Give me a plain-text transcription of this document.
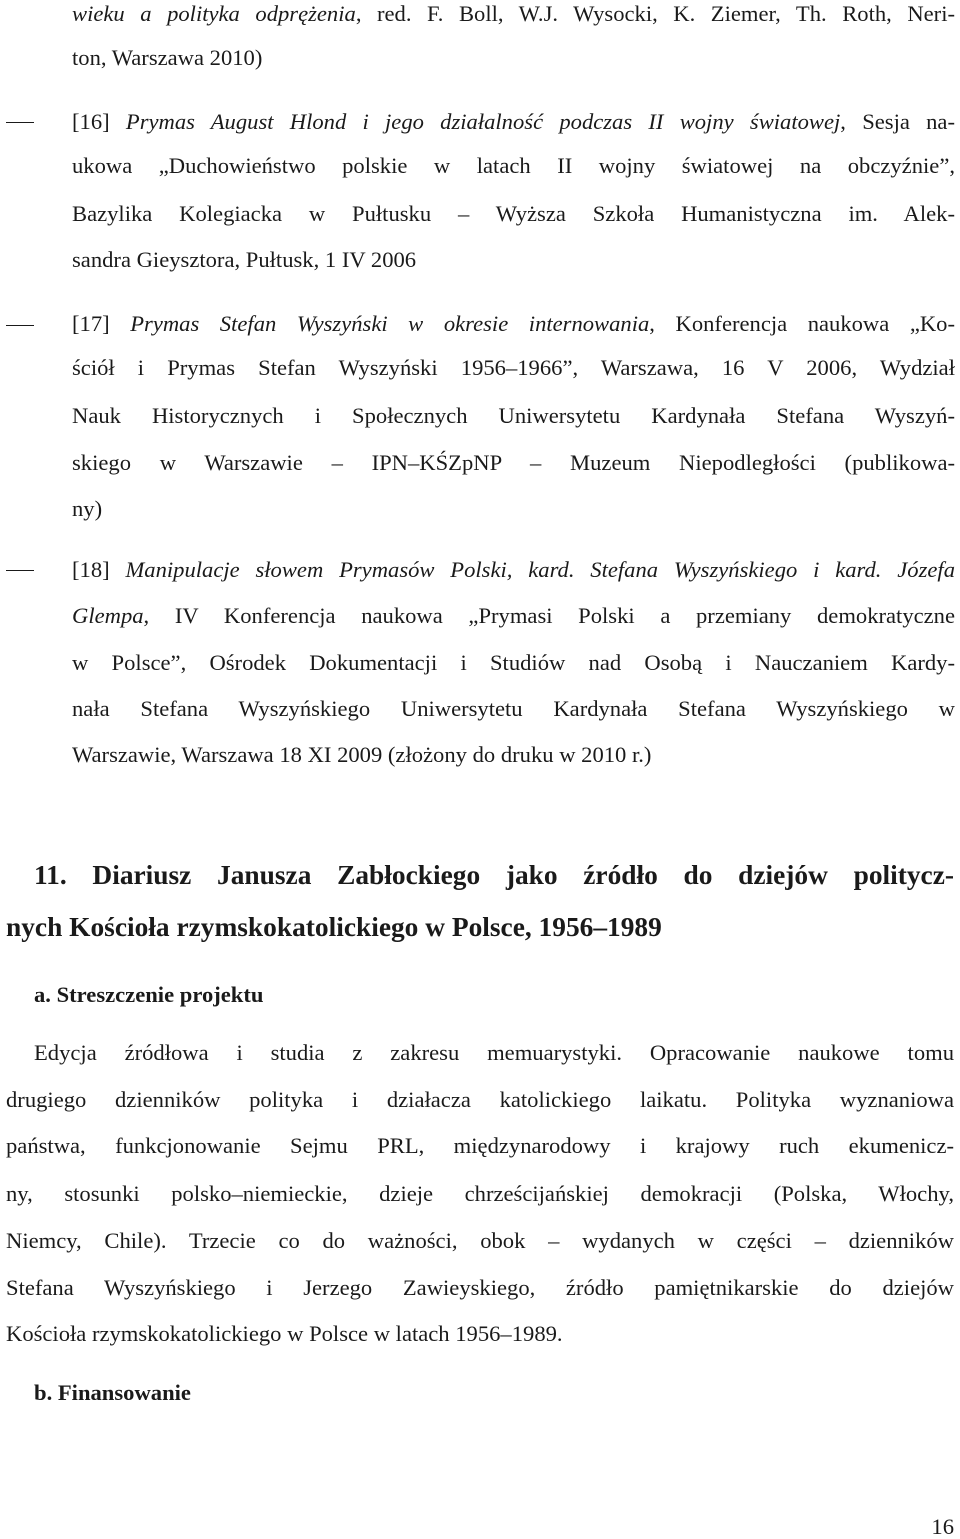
wieku a polityka odprężenia, red. F. Boll, W.J. Wysocki, K. Ziemer, Th. Roth, Neri-
ton, Warszawa 2010)
[16] Prymas August Hlond i jego działalność podczas II wojny światowej, Sesja na-
ukowa „Duchowieństwo polskie w latach II wojny światowej na obczyźnie”,
Bazylika Kolegiacka w Pułtusku – Wyższa Szkoła Humanistyczna im. Alek-
sandra Gieysztora, Pułtusk, 1 IV 2006
[17] Prymas Stefan Wyszyński w okresie internowania, Konferencja naukowa „Ko-
ściół i Prymas Stefan Wyszyński 1956–1966”, Warszawa, 16 V 2006, Wydział
Nauk Historycznych i Społecznych Uniwersytetu Kardynała Stefana Wyszyń-
skiego w Warszawie – IPN–KŚZpNP – Muzeum Niepodległości (publikowa-
ny)
[18] Manipulacje słowem Prymasów Polski, kard. Stefana Wyszyńskiego i kard. Józefa
Glempa, IV Konferencja naukowa „Prymasi Polski a przemiany demokratyczne
w Polsce”, Ośrodek Dokumentacji i Studiów nad Osobą i Nauczaniem Kardy-
nała Stefana Wyszyńskiego Uniwersytetu Kardynała Stefana Wyszyńskiego w
Warszawie, Warszawa 18 XI 2009 (złożony do druku w 2010 r.)
11. Diariusz Janusza Zabłockiego jako źródło do dziejów politycz-
nych Kościoła rzymskokatolickiego w Polsce, 1956–1989
a. Streszczenie projektu
Edycja źródłowa i studia z zakresu memuarystyki. Opracowanie naukowe tomu
drugiego dzienników polityka i działacza katolickiego laikatu. Polityka wyznaniowa
państwa, funkcjonowanie Sejmu PRL, międzynarodowy i krajowy ruch ekumenicz-
ny, stosunki polsko–niemieckie, dzieje chrześcijańskiej demokracji (Polska, Włochy,
Niemcy, Chile). Trzecie co do ważności, obok – wydanych w części – dzienników
Stefana Wyszyńskiego i Jerzego Zawieyskiego, źródło pamiętnikarskie do dziejów
Kościoła rzymskokatolickiego w Polsce w latach 1956–1989.
b. Finansowanie
16
